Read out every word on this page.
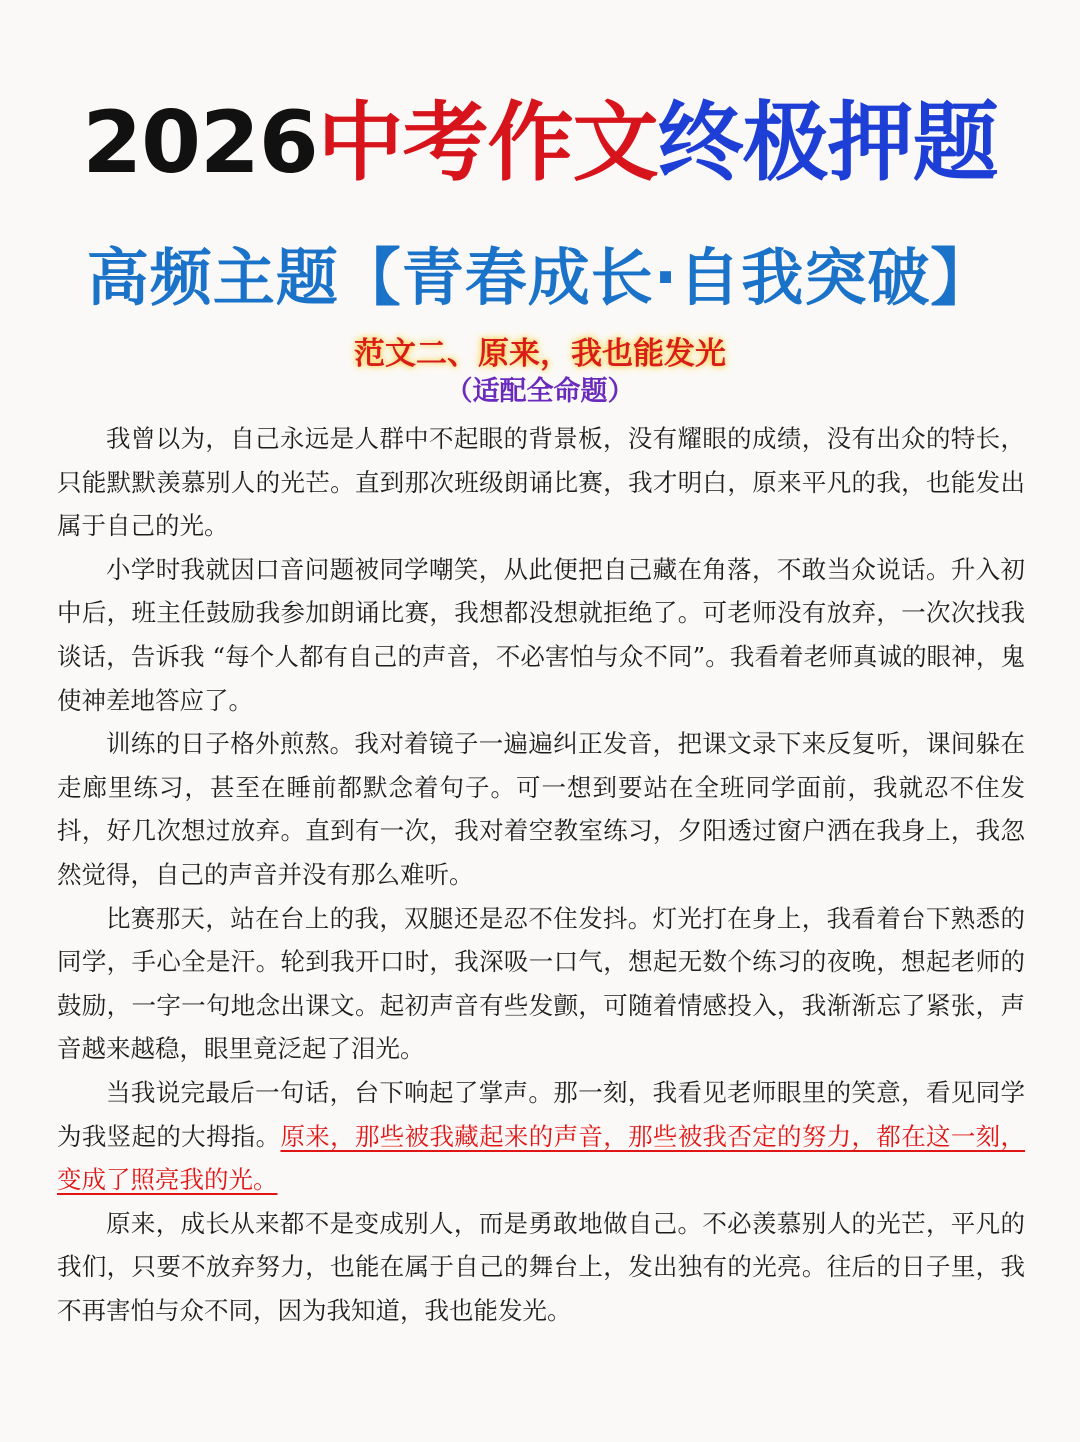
2026中考作文终极押题
高频主题【青春成长·自我突破】
范文二、原来，我也能发光
（适配全命题）

我曾以为，自己永远是人群中不起眼的背景板，没有耀眼的成绩，没有出众的特长，只能默默羡慕别人的光芒。直到那次班级朗诵比赛，我才明白，原来平凡的我，也能发出属于自己的光。

小学时我就因口音问题被同学嘲笑，从此便把自己藏在角落，不敢当众说话。升入初中后，班主任鼓励我参加朗诵比赛，我想都没想就拒绝了。可老师没有放弃，一次次找我谈话，告诉我 “每个人都有自己的声音，不必害怕与众不同”。我看着老师真诚的眼神，鬼使神差地答应了。

训练的日子格外煎熬。我对着镜子一遍遍纠正发音，把课文录下来反复听，课间躲在走廊里练习，甚至在睡前都默念着句子。可一想到要站在全班同学面前，我就忍不住发抖，好几次想过放弃。直到有一次，我对着空教室练习，夕阳透过窗户洒在我身上，我忽然觉得，自己的声音并没有那么难听。

比赛那天，站在台上的我，双腿还是忍不住发抖。灯光打在身上，我看着台下熟悉的同学，手心全是汗。轮到我开口时，我深吸一口气，想起无数个练习的夜晚，想起老师的鼓励，一字一句地念出课文。起初声音有些发颤，可随着情感投入，我渐渐忘了紧张，声音越来越稳，眼里竟泛起了泪光。

当我说完最后一句话，台下响起了掌声。那一刻，我看见老师眼里的笑意，看见同学为我竖起的大拇指。原来，那些被我藏起来的声音，那些被我否定的努力，都在这一刻，变成了照亮我的光。

原来，成长从来都不是变成别人，而是勇敢地做自己。不必羡慕别人的光芒，平凡的我们，只要不放弃努力，也能在属于自己的舞台上，发出独有的光亮。往后的日子里，我不再害怕与众不同，因为我知道，我也能发光。
